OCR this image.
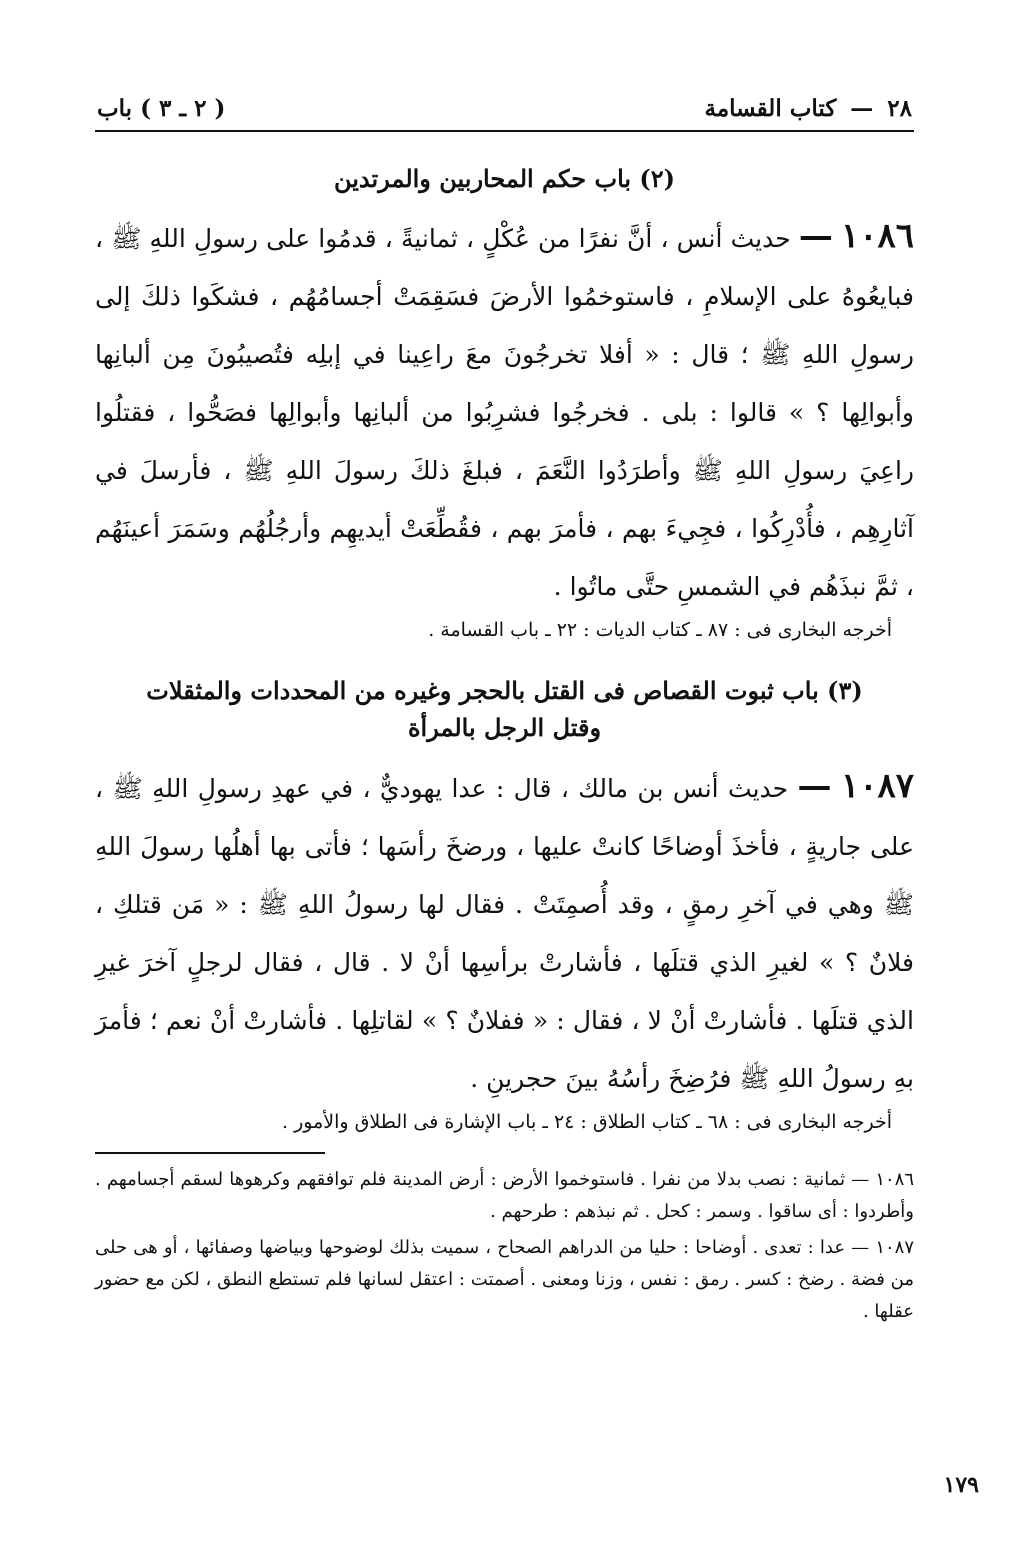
٢٨
—
كتاب القسامة
( ٢ ـ ٣ ) باب
(٢) باب حكم المحاربين والمرتدين

١٠٨٦ — حديث أنس ، أنَّ نفرًا من عُكْلٍ ، ثمانيةً ، قدمُوا على رسولِ اللهِ ﷺ ، فبايعُوهُ على الإسلامِ ، فاستوخمُوا الأرضَ فسَقِمَتْ أجسامُهُم ، فشكَوا ذلكَ إلى رسولِ اللهِ ﷺ ؛ قال : « أفلا تخرجُونَ معَ راعِينا في إبلِه فتُصيبُونَ مِن ألبانِها وأبوالِها ؟ » قالوا : بلى . فخرجُوا فشرِبُوا من ألبانِها وأبوالِها فصَحُّوا ، فقتلُوا راعِيَ رسولِ اللهِ ﷺ وأطرَدُوا النَّعَمَ ، فبلغَ ذلكَ رسولَ اللهِ ﷺ ، فأرسلَ في آثارِهِم ، فأُدْرِكُوا ، فجِيءَ بهم ، فأمرَ بهم ، فقُطِّعَتْ أيديهِم وأرجُلُهُم وسَمَرَ أعينَهُم ، ثمَّ نبذَهُم في الشمسِ حتَّى ماتُوا .

أخرجه البخارى فى : ٨٧ ـ كتاب الديات : ٢٢ ـ باب القسامة .
(٣) باب ثبوت القصاص فى القتل بالحجر وغيره من المحددات والمثقلات
وقتل الرجل بالمرأة

١٠٨٧ — حديث أنس بن مالك ، قال : عدا يهوديٌّ ، في عهدِ رسولِ اللهِ ﷺ ، على جاريةٍ ، فأخذَ أوضاحًا كانتْ عليها ، ورضخَ رأسَها ؛ فأتى بها أهلُها رسولَ اللهِ ﷺ وهي في آخرِ رمقٍ ، وقد أُصمِتَتْ . فقال لها رسولُ اللهِ ﷺ : « مَن قتلكِ ، فلانٌ ؟ » لغيرِ الذي قتلَها ، فأشارتْ برأسِها أنْ لا . قال ، فقال لرجلٍ آخرَ غيرِ الذي قتلَها . فأشارتْ أنْ لا ، فقال : « ففلانٌ ؟ » لقاتلِها . فأشارتْ أنْ نعم ؛ فأمرَ بهِ رسولُ اللهِ ﷺ فرُضِخَ رأسُهُ بينَ حجرينِ .

أخرجه البخارى فى : ٦٨ ـ كتاب الطلاق : ٢٤ ـ باب الإشارة فى الطلاق والأمور .

١٠٨٦ — ثمانية : نصب بدلا من نفرا . فاستوخموا الأرض : أرض المدينة فلم توافقهم وكرهوها لسقم أجسامهم . وأطردوا : أى ساقوا . وسمر : كحل . ثم نبذهم : طرحهم .

١٠٨٧ — عدا : تعدى . أوضاحا : حليا من الدراهم الصحاح ، سميت بذلك لوضوحها وبياضها وصفائها ، أو هى حلى من فضة . رضخ : كسر . رمق : نفس ، وزنا ومعنى . أصمتت : اعتقل لسانها فلم تستطع النطق ، لكن مع حضور عقلها .

١٧٩
